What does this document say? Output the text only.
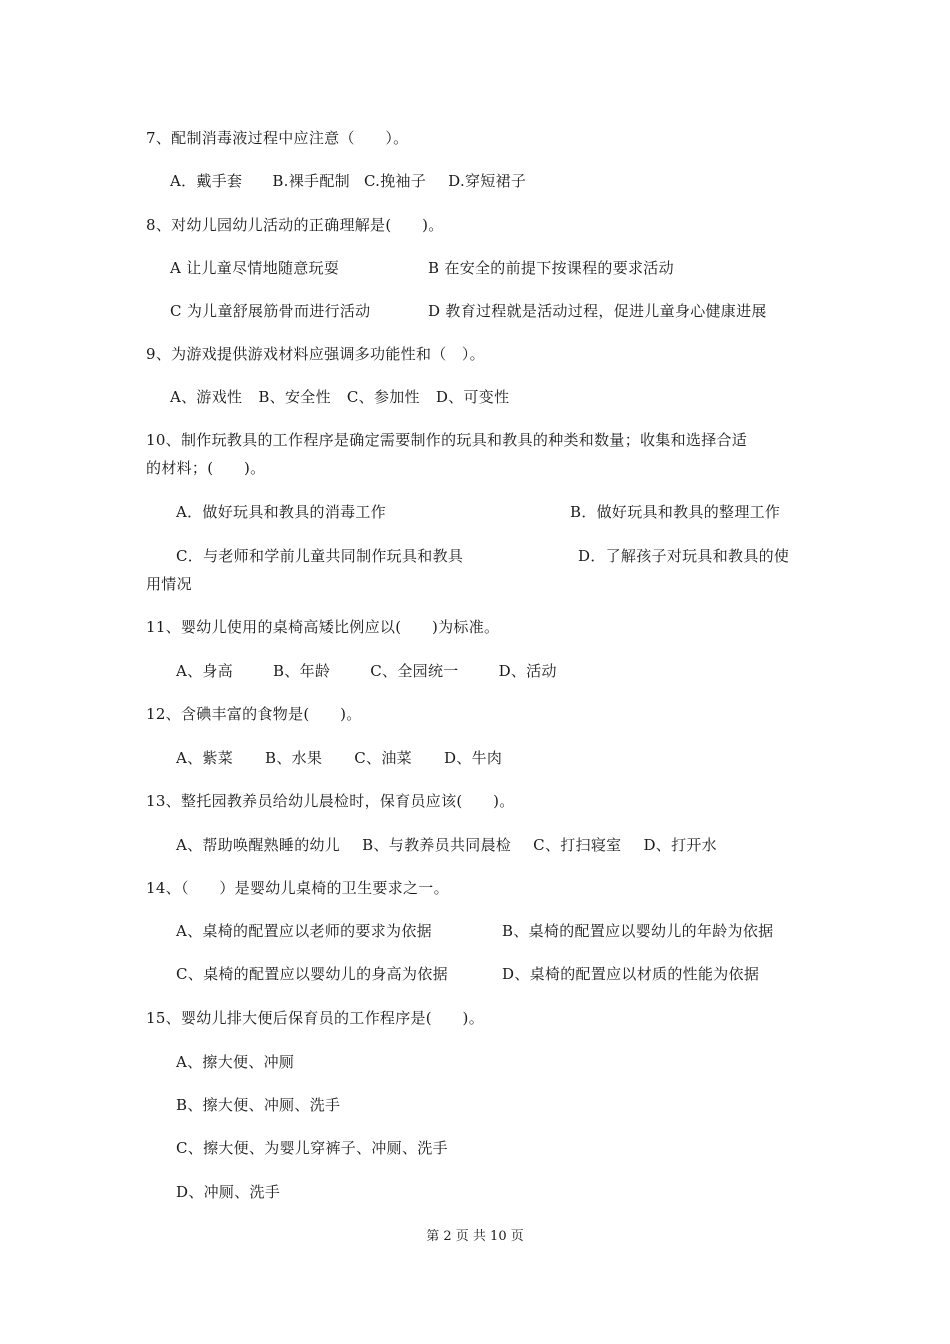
7、配制消毒液过程中应注意（　　）。
A．戴手套 B.裸手配制 C.挽袖子 D.穿短裙子
8、对幼儿园幼儿活动的正确理解是(　　)。
A 让儿童尽情地随意玩耍	B 在安全的前提下按课程的要求活动
C 为儿童舒展筋骨而进行活动	D 教育过程就是活动过程，促进儿童身心健康进展
9、为游戏提供游戏材料应强调多功能性和（　）。
A、游戏性 B、安全性 C、参加性 D、可变性
10、制作玩教具的工作程序是确定需要制作的玩具和教具的种类和数量；收集和选择合适
的材料；(　　)。
A．做好玩具和教具的消毒工作	B．做好玩具和教具的整理工作
C．与老师和学前儿童共同制作玩具和教具	D．了解孩子对玩具和教具的使
用情况
11、婴幼儿使用的桌椅高矮比例应以(　　)为标准。
A、身高	B、年龄	C、全园统一	D、活动
12、含碘丰富的食物是(　　)。
A、紫菜 B、水果 C、油菜 D、牛肉
13、整托园教养员给幼儿晨检时，保育员应该(　　)。
A、帮助唤醒熟睡的幼儿 B、与教养员共同晨检 C、打扫寝室 D、打开水
14、（　　）是婴幼儿桌椅的卫生要求之一。
A、桌椅的配置应以老师的要求为依据	B、桌椅的配置应以婴幼儿的年龄为依据
C、桌椅的配置应以婴幼儿的身高为依据	D、桌椅的配置应以材质的性能为依据
15、婴幼儿排大便后保育员的工作程序是(　　)。
A、擦大便、冲厕
B、擦大便、冲厕、洗手
C、擦大便、为婴儿穿裤子、冲厕、洗手
D、冲厕、洗手
第 2 页 共 10 页
